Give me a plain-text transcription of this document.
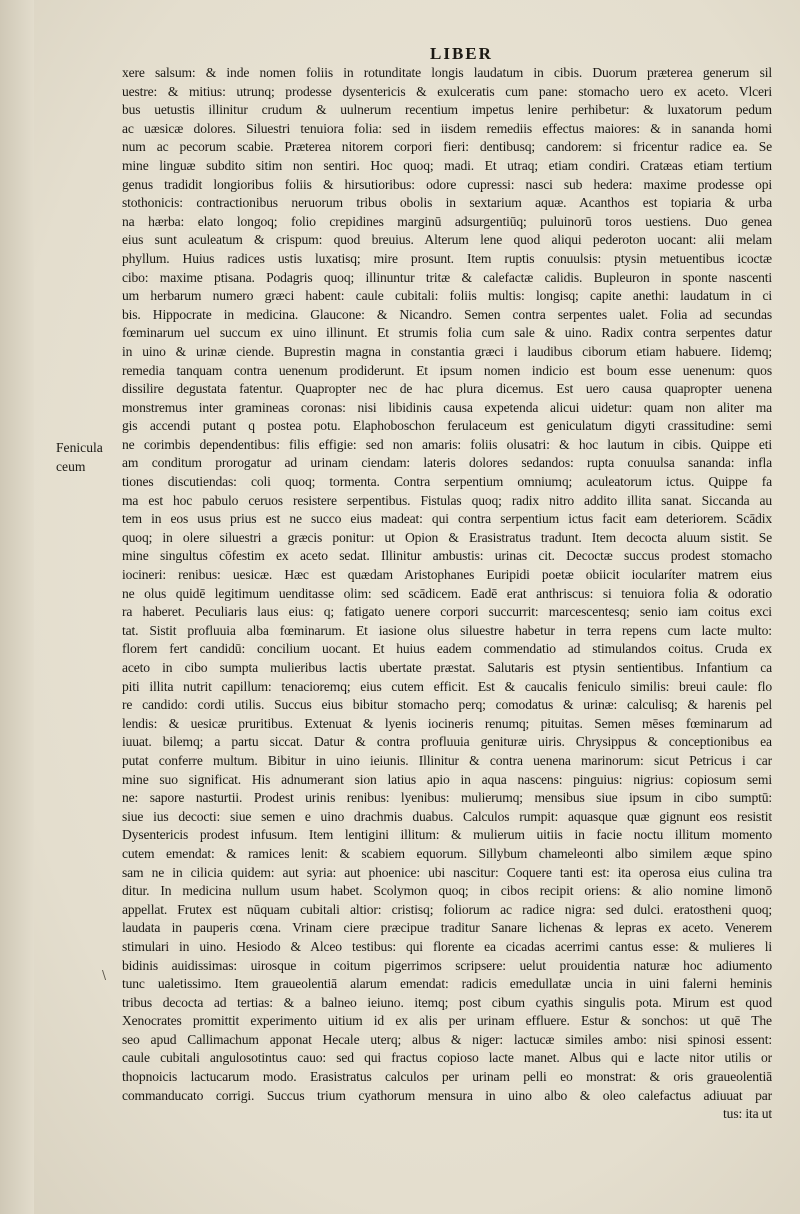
LIBER
Fenicula
ceum
\
xere salsum: & inde nomen foliis in rotunditate longis laudatum in cibis. Duorum præterea generum sil
uestre: & mitius: utrunq; prodesse dysentericis & exulceratis cum pane: stomacho uero ex aceto. Vlceri
bus uetustis illinitur crudum & uulnerum recentium impetus lenire perhibetur: & luxatorum pedum
ac uæsicæ dolores. Siluestri tenuiora folia: sed in iisdem remediis effectus maiores: & in sananda homi
num ac pecorum scabie. Præterea nitorem corpori fieri: dentibusq; candorem: si fricentur radice ea. Se
mine linguæ subdito sitim non sentiri. Hoc quoq; madi. Et utraq; etiam condiri. Cratæas etiam tertium
genus tradidit longioribus foliis & hirsutioribus: odore cupressi: nasci sub hedera: maxime prodesse opi
stothonicis: contractionibus neruorum tribus obolis in sextarium aquæ. Acanthos est topiaria & urba
na hærba: elato longoq; folio crepidines marginū adsurgentiūq; puluinorū toros uestiens. Duo genea
eius sunt aculeatum & crispum: quod breuius. Alterum lene quod aliqui pederoton uocant: alii melam
phyllum. Huius radices ustis luxatisq; mire prosunt. Item ruptis conuulsis: ptysin metuentibus icoctæ
cibo: maxime ptisana. Podagris quoq; illinuntur tritæ & calefactæ calidis. Bupleuron in sponte nascenti
um herbarum numero græci habent: caule cubitali: foliis multis: longisq; capite anethi: laudatum in ci
bis. Hippocrate in medicina. Glaucone: & Nicandro. Semen contra serpentes ualet. Folia ad secundas
fœminarum uel succum ex uino illinunt. Et strumis folia cum sale & uino. Radix contra serpentes datur
in uino & urinæ ciende. Buprestin magna in constantia græci i laudibus ciborum etiam habuere. Iidemq;
remedia tanquam contra uenenum prodiderunt. Et ipsum nomen indicio est boum esse uenenum: quos
dissilire degustata fatentur. Quapropter nec de hac plura dicemus. Est uero causa quapropter uenena
monstremus inter gramineas coronas: nisi libidinis causa expetenda alicui uidetur: quam non aliter ma
gis accendi putant q postea potu. Elaphoboschon ferulaceum est geniculatum digyti crassitudine: semi
ne corimbis dependentibus: filis effigie: sed non amaris: foliis olusatri: & hoc lautum in cibis. Quippe eti
am conditum prorogatur ad urinam ciendam: lateris dolores sedandos: rupta conuulsa sananda: infla
tiones discutiendas: coli quoq; tormenta. Contra serpentium omniumq; aculeatorum ictus. Quippe fa
ma est hoc pabulo ceruos resistere serpentibus. Fistulas quoq; radix nitro addito illita sanat. Siccanda au
tem in eos usus prius est ne succo eius madeat: qui contra serpentium ictus facit eam deteriorem. Scādix
quoq; in olere siluestri a græcis ponitur: ut Opion & Erasistratus tradunt. Item decocta aluum sistit. Se
mine singultus cōfestim ex aceto sedat. Illinitur ambustis: urinas cit. Decoctæ succus prodest stomacho
iocineri: renibus: uesicæ. Hæc est quædam Aristophanes Euripidi poetæ obiicit iocularíter matrem eius
ne olus quidē legitimum uenditasse olim: sed scādicem. Eadē erat anthriscus: si tenuiora folia & odoratio
ra haberet. Peculiaris laus eius: q; fatigato uenere corpori succurrit: marcescentesq; senio iam coitus exci
tat. Sistit profluuia alba fœminarum. Et iasione olus siluestre habetur in terra repens cum lacte multo:
florem fert candidū: concilium uocant. Et huius eadem commendatio ad stimulandos coitus. Cruda ex
aceto in cibo sumpta mulieribus lactis ubertate præstat. Salutaris est ptysin sentientibus. Infantium ca
piti illita nutrit capillum: tenacioremq; eius cutem efficit. Est & caucalis feniculo similis: breui caule: flo
re candido: cordi utilis. Succus eius bibitur stomacho perq; comodatus & urinæ: calculisq; & harenis pel
lendis: & uesicæ pruritibus. Extenuat & lyenis iocineris renumq; pituitas. Semen mēses fœminarum ad
iuuat. bilemq; a partu siccat. Datur & contra profluuia genituræ uiris. Chrysippus & conceptionibus ea
putat conferre multum. Bibitur in uino ieiunis. Illinitur & contra uenena marinorum: sicut Petricus i car
mine suo significat. His adnumerant sion latius apio in aqua nascens: pinguius: nigrius: copiosum semi
ne: sapore nasturtii. Prodest urinis renibus: lyenibus: mulierumq; mensibus siue ipsum in cibo sumptū:
siue ius decocti: siue semen e uino drachmis duabus. Calculos rumpit: aquasque quæ gignunt eos resistit
Dysentericis prodest infusum. Item lentigini illitum: & mulierum uitiis in facie noctu illitum momento
cutem emendat: & ramices lenit: & scabiem equorum. Sillybum chameleonti albo similem æque spino
sam ne in cilicia quidem: aut syria: aut phoenice: ubi nascitur: Coquere tanti est: ita operosa eius culina tra
ditur. In medicina nullum usum habet. Scolymon quoq; in cibos recipit oriens: & alio nomine limonō
appellat. Frutex est nūquam cubitali altior: cristisq; foliorum ac radice nigra: sed dulci. eratostheni quoq;
laudata in pauperis cœna. Vrinam ciere præcipue traditur Sanare lichenas & lepras ex aceto. Venerem
stimulari in uino. Hesiodo & Alceo testibus: qui florente ea cicadas acerrimi cantus esse: & mulieres li
bidinis auidissimas: uirosque in coitum pigerrimos scripsere: uelut prouidentia naturæ hoc adiumento
tunc ualetissimo. Item graueolentiā alarum emendat: radicis emedullatæ uncia in uini falerni heminis
tribus decocta ad tertias: & a balneo ieiuno. itemq; post cibum cyathis singulis pota. Mirum est quod
Xenocrates promittit experimento uitium id ex alis per urinam effluere. Estur & sonchos: ut quē The
seo apud Callimachum apponat Hecale uterq; albus & niger: lactucæ similes ambo: nisi spinosi essent:
caule cubitali angulosotintus cauo: sed qui fractus copioso lacte manet. Albus qui e lacte nitor utilis or
thopnoicis lactucarum modo. Erasistratus calculos per urinam pelli eo monstrat: & oris graueolentiā
commanducato corrigi. Succus trium cyathorum mensura in uino albo & oleo calefactus adiuuat par
tus: ita ut
